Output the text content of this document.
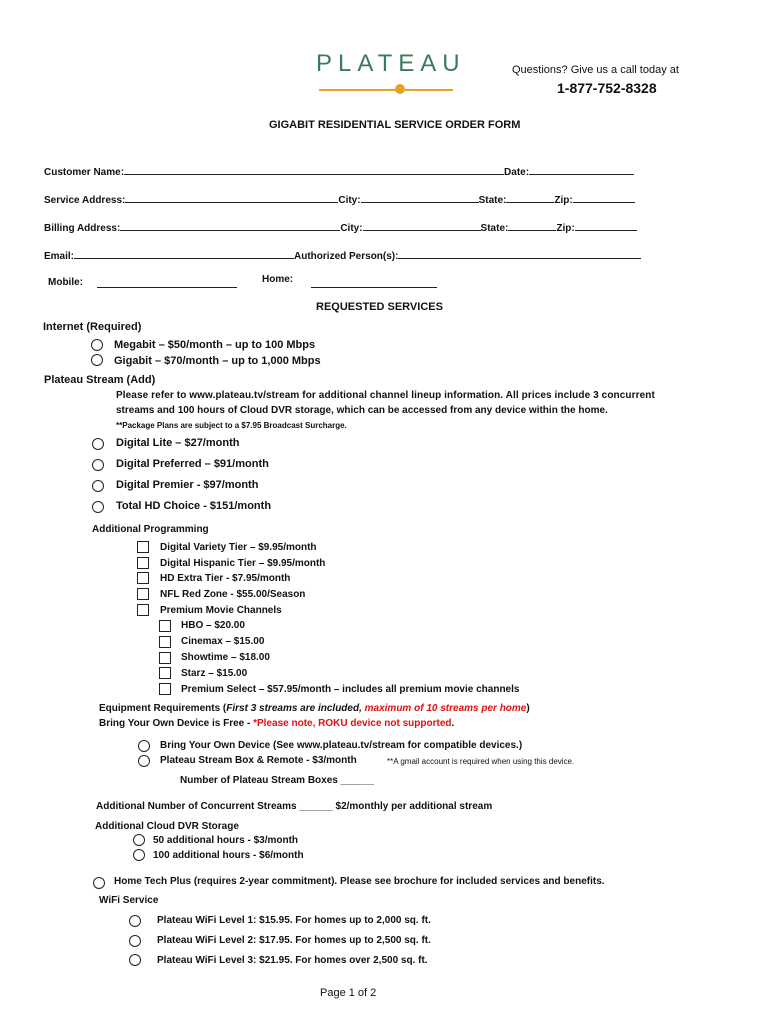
PLATEAU	Questions? Give us a call today at
1-877-752-8328
GIGABIT RESIDENTIAL SERVICE ORDER FORM
Customer Name:	Date:
Service Address:	City:	State:	Zip:
Billing Address:	City:	State:	Zip:
Email:	Authorized Person(s):
Mobile:	Home:
REQUESTED SERVICES
Internet (Required)
Megabit – $50/month – up to 100 Mbps
Gigabit – $70/month – up to 1,000 Mbps
Plateau Stream (Add)
Please refer to www.plateau.tv/stream for additional channel lineup information. All prices include 3 concurrent
streams and 100 hours of Cloud DVR storage, which can be accessed from any device within the home.
**Package Plans are subject to a $7.95 Broadcast Surcharge.
Digital Lite – $27/month
Digital Preferred – $91/month
Digital Premier - $97/month
Total HD Choice - $151/month
Additional Programming
Digital Variety Tier – $9.95/month
Digital Hispanic Tier – $9.95/month
HD Extra Tier - $7.95/month
NFL Red Zone - $55.00/Season
Premium Movie Channels
HBO – $20.00
Cinemax – $15.00
Showtime – $18.00
Starz – $15.00
Premium Select – $57.95/month – includes all premium movie channels
Equipment Requirements (First 3 streams are included, maximum of 10 streams per home)
Bring Your Own Device is Free - *Please note, ROKU device not supported.
Bring Your Own Device (See www.plateau.tv/stream for compatible devices.)
Plateau Stream Box & Remote - $3/month	**A gmail account is required when using this device.
Number of Plateau Stream Boxes ______
Additional Number of Concurrent Streams ______ $2/monthly per additional stream
Additional Cloud DVR Storage
50 additional hours - $3/month
100 additional hours - $6/month
Home Tech Plus (requires 2-year commitment). Please see brochure for included services and benefits.
WiFi Service
Plateau WiFi Level 1: $15.95. For homes up to 2,000 sq. ft.
Plateau WiFi Level 2: $17.95. For homes up to 2,500 sq. ft.
Plateau WiFi Level 3: $21.95. For homes over 2,500 sq. ft.
Page 1 of 2
